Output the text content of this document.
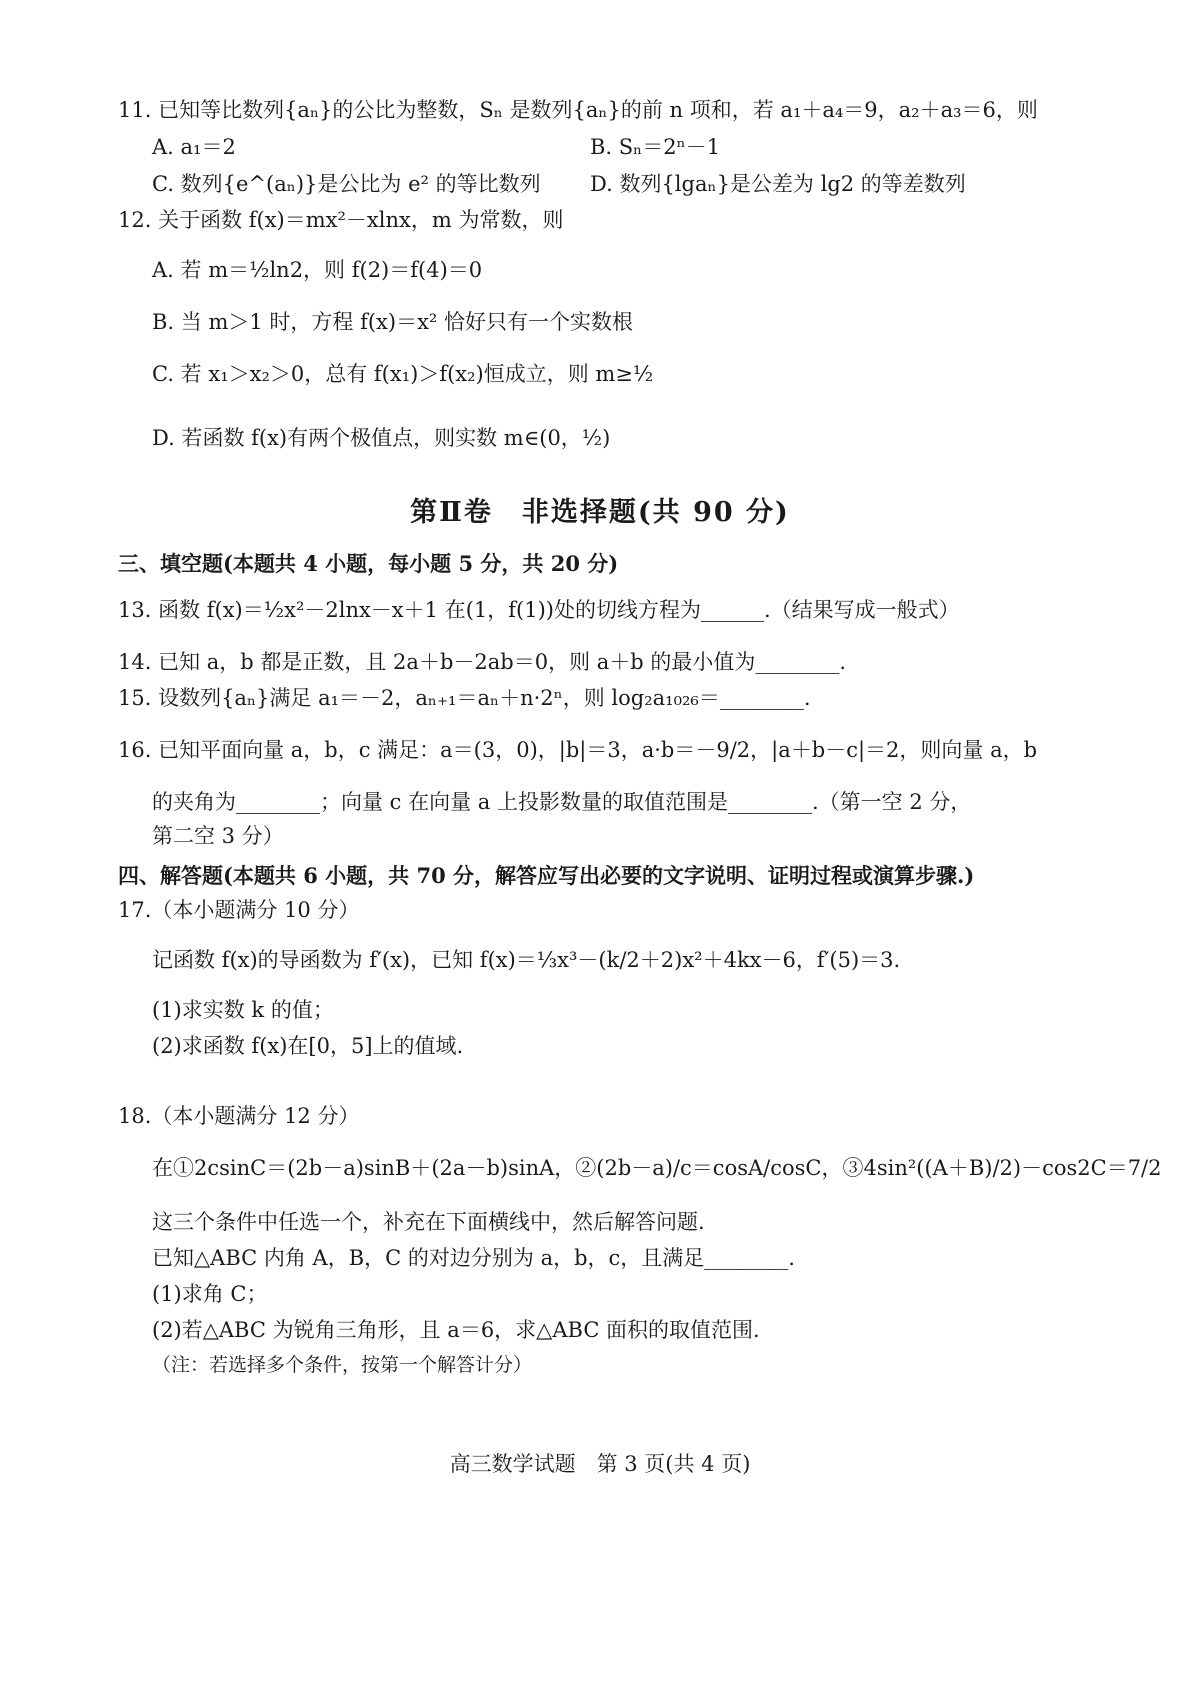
11. 已知等比数列{aₙ}的公比为整数，Sₙ 是数列{aₙ}的前 n 项和，若 a₁＋a₄＝9，a₂＋a₃＝6，则
A. a₁＝2	B. Sₙ＝2ⁿ－1
C. 数列{e^(aₙ)}是公比为 e² 的等比数列 D. 数列{lgaₙ}是公差为 lg2 的等差数列
12. 关于函数 f(x)＝mx²－xlnx，m 为常数，则
A. 若 m＝½ln2，则 f(2)＝f(4)＝0
B. 当 m＞1 时，方程 f(x)＝x² 恰好只有一个实数根
C. 若 x₁＞x₂＞0，总有 f(x₁)＞f(x₂)恒成立，则 m≥½
D. 若函数 f(x)有两个极值点，则实数 m∈(0，½)
第Ⅱ卷　非选择题(共 90 分)
三、填空题(本题共 4 小题，每小题 5 分，共 20 分)
13. 函数 f(x)＝½x²－2lnx－x＋1 在(1，f(1))处的切线方程为______.（结果写成一般式）
14. 已知 a，b 都是正数，且 2a＋b－2ab＝0，则 a＋b 的最小值为________.
15. 设数列{aₙ}满足 a₁＝－2，aₙ₊₁＝aₙ＋n·2ⁿ，则 log₂a₁₀₂₆＝________.
16. 已知平面向量 a，b，c 满足：a＝(3，0)，|b|＝3，a·b＝－9/2，|a＋b－c|＝2，则向量 a，b
的夹角为________；向量 c 在向量 a 上投影数量的取值范围是________.（第一空 2 分，
第二空 3 分）
四、解答题(本题共 6 小题，共 70 分，解答应写出必要的文字说明、证明过程或演算步骤.)
17.（本小题满分 10 分）
记函数 f(x)的导函数为 f′(x)，已知 f(x)＝⅓x³－(k/2＋2)x²＋4kx－6，f′(5)＝3.
(1)求实数 k 的值；
(2)求函数 f(x)在[0，5]上的值域.
18.（本小题满分 12 分）
在①2csinC＝(2b－a)sinB＋(2a－b)sinA，②(2b－a)/c＝cosA/cosC，③4sin²((A＋B)/2)－cos2C＝7/2
这三个条件中任选一个，补充在下面横线中，然后解答问题.
已知△ABC 内角 A，B，C 的对边分别为 a，b，c，且满足________.
(1)求角 C；
(2)若△ABC 为锐角三角形，且 a＝6，求△ABC 面积的取值范围.
（注：若选择多个条件，按第一个解答计分）
高三数学试题　第 3 页(共 4 页)
